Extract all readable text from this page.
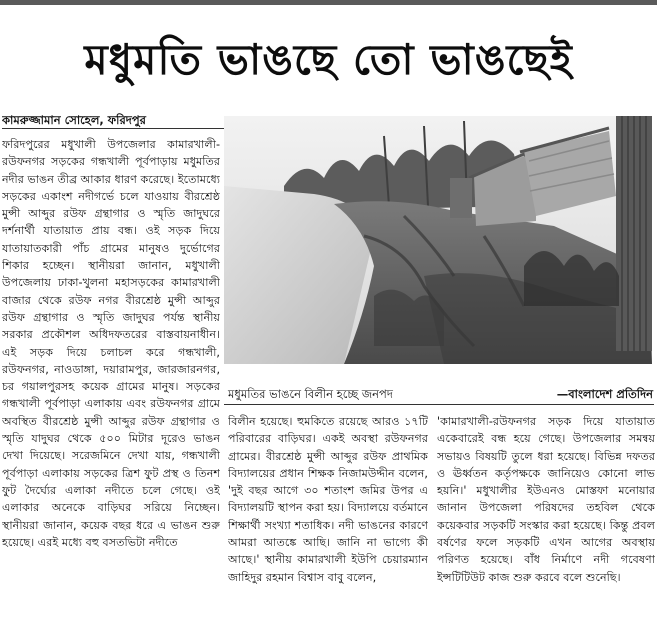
মধুমতি ভাঙছে তো ভাঙছেই
কামরুজ্জামান সোহেল, ফরিদপুর

ফরিদপুরের মধুখালী উপজেলার কামারখালী-রউফনগর সড়কের গন্ধখালী পূর্বপাড়ায় মধুমতির নদীর ভাঙন তীব্র আকার ধারণ করেছে। ইতোমধ্যে সড়কের একাংশ নদীগর্ভে চলে যাওয়ায় বীরশ্রেষ্ঠ মুন্সী আব্দুর রউফ গ্রন্থাগার ও স্মৃতি জাদুঘরে দর্শনার্থী যাতায়াত প্রায় বন্ধ। ওই সড়ক দিয়ে যাতায়াতকারী পাঁচ গ্রামের মানুষও দুর্ভোগের শিকার হচ্ছেন। স্থানীয়রা জানান, মধুখালী উপজেলায় ঢাকা-খুলনা মহাসড়কের কামারখালী বাজার থেকে রউফ নগর বীরশ্রেষ্ঠ মুন্সী আব্দুর রউফ গ্রন্থাগার ও স্মৃতি জাদুঘর পর্যন্ত স্থানীয় সরকার প্রকৌশল অধিদফতরের বাস্তবায়নাধীন। এই সড়ক দিয়ে চলাচল করে গন্ধখালী, রউফনগর, নাওডাঙ্গা, দয়ারামপুর, জারজারনগর, চর গয়ালপুরসহ কয়েক গ্রামের মানুষ। সড়কের গন্ধখালী পূর্বপাড়া এলাকায় এবং রউফনগর গ্রামে অবস্থিত বীরশ্রেষ্ঠ মুন্সী আব্দুর রউফ গ্রন্থাগার ও স্মৃতি যাদুঘর থেকে ৫০০ মিটার দূরেও ভাঙন দেখা দিয়েছে। সরেজমিনে দেখা যায়, গন্ধখালী পূর্বপাড়া এলাকায় সড়কের ত্রিশ ফুট প্রস্থ ও তিনশ ফুট দৈর্ঘ্যের এলাকা নদীতে চলে গেছে। ওই এলাকার অনেকে বাড়িঘর সরিয়ে নিচ্ছেন। স্থানীয়রা জানান, কয়েক বছর ধরে এ ভাঙন শুরু হয়েছে। এরই মধ্যে বহু বসতভিটা নদীতে

মধুমতির ভাঙনে বিলীন হচ্ছে জনপদ	—বাংলাদেশ প্রতিদিন

বিলীন হয়েছে। হুমকিতে রয়েছে আরও ১৭টি পরিবারের বাড়িঘর। একই অবস্থা রউফনগর গ্রামের। বীরশ্রেষ্ঠ মুন্সী আব্দুর রউফ প্রাথমিক বিদ্যালয়ের প্রধান শিক্ষক নিজামউদ্দীন বলেন, 'দুই বছর আগে ৩০ শতাংশ জমির উপর এ বিদ্যালয়টি স্থাপন করা হয়। বিদ্যালয়ে বর্তমানে শিক্ষার্থী সংখ্যা শতাধিক। নদী ভাঙনের কারণে আমরা আতঙ্কে আছি। জানি না ভাগ্যে কী আছে।' স্থানীয় কামারখালী ইউপি চেয়ারম্যান জাহিদুর রহমান বিশ্বাস বাবু বলেন,

'কামারখালী-রউফনগর সড়ক দিয়ে যাতায়াত একেবারেই বন্ধ হয়ে গেছে। উপজেলার সমন্বয় সভায়ও বিষয়টি তুলে ধরা হয়েছে। বিভিন্ন দফতর ও ঊর্ধ্বতন কর্তৃপক্ষকে জানিয়েও কোনো লাভ হয়নি।' মধুখালীর ইউএনও মোস্তফা মনোয়ার জানান উপজেলা পরিষদের তহবিল থেকে কয়েকবার সড়কটি সংস্কার করা হয়েছে। কিন্তু প্রবল বর্ষণের ফলে সড়কটি এখন আগের অবস্থায় পরিণত হয়েছে। বাঁধ নির্মাণে নদী গবেষণা ইন্সটিটিউট কাজ শুরু করবে বলে শুনেছি।
